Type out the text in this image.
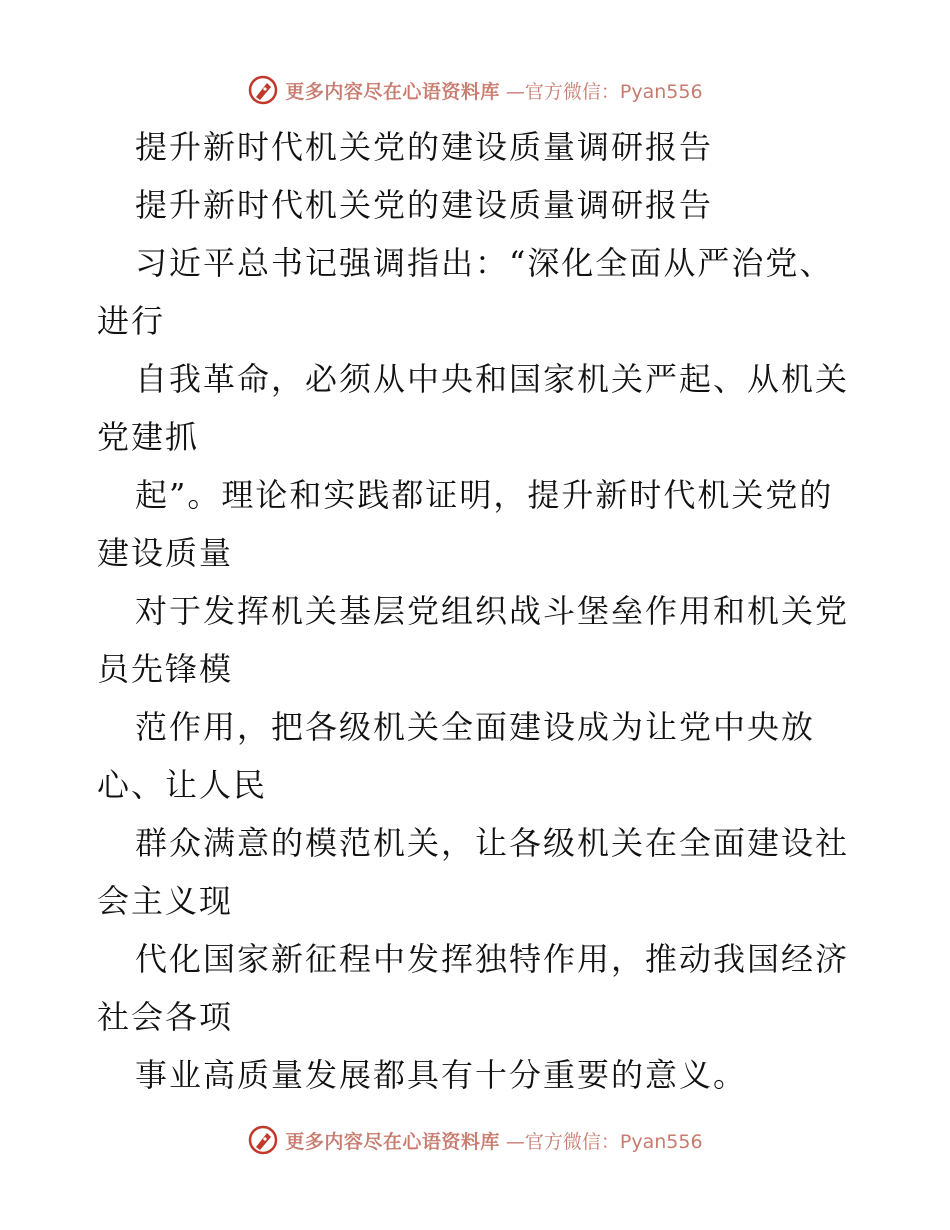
更多内容尽在心语资料库 —官方微信：Pyan556
提升新时代机关党的建设质量调研报告
提升新时代机关党的建设质量调研报告
习近平总书记强调指出：“深化全面从严治党、
进行
自我革命，必须从中央和国家机关严起、从机关
党建抓
起”。理论和实践都证明，提升新时代机关党的
建设质量
对于发挥机关基层党组织战斗堡垒作用和机关党
员先锋模
范作用，把各级机关全面建设成为让党中央放
心、让人民
群众满意的模范机关，让各级机关在全面建设社
会主义现
代化国家新征程中发挥独特作用，推动我国经济
社会各项
事业高质量发展都具有十分重要的意义。
更多内容尽在心语资料库 —官方微信：Pyan556
